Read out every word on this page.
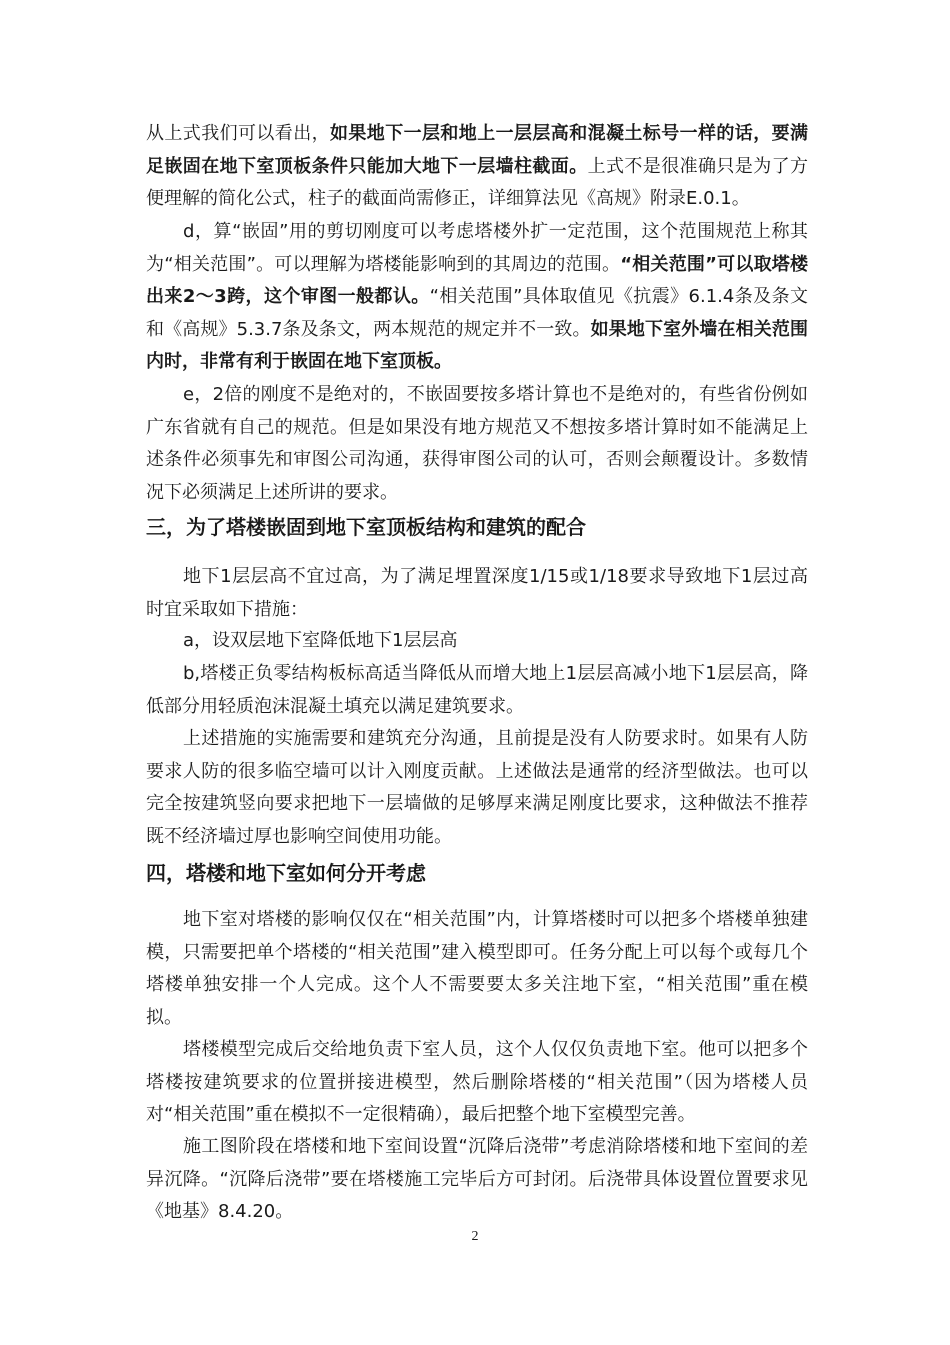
从上式我们可以看出，如果地下一层和地上一层层高和混凝土标号一样的话，要满足嵌固在地下室顶板条件只能加大地下一层墙柱截面。上式不是很准确只是为了方便理解的简化公式，柱子的截面尚需修正，详细算法见《高规》附录E.0.1。

d，算“嵌固”用的剪切刚度可以考虑塔楼外扩一定范围，这个范围规范上称其为“相关范围”。可以理解为塔楼能影响到的其周边的范围。“相关范围”可以取塔楼出来2～3跨，这个审图一般都认。“相关范围”具体取值见《抗震》6.1.4条及条文和《高规》5.3.7条及条文，两本规范的规定并不一致。如果地下室外墙在相关范围内时，非常有利于嵌固在地下室顶板。

e，2倍的刚度不是绝对的，不嵌固要按多塔计算也不是绝对的，有些省份例如广东省就有自己的规范。但是如果没有地方规范又不想按多塔计算时如不能满足上述条件必须事先和审图公司沟通，获得审图公司的认可，否则会颠覆设计。多数情况下必须满足上述所讲的要求。

三，为了塔楼嵌固到地下室顶板结构和建筑的配合

地下1层层高不宜过高，为了满足埋置深度1/15或1/18要求导致地下1层过高时宜采取如下措施：

a，设双层地下室降低地下1层层高

b,塔楼正负零结构板标高适当降低从而增大地上1层层高减小地下1层层高，降低部分用轻质泡沫混凝土填充以满足建筑要求。

上述措施的实施需要和建筑充分沟通，且前提是没有人防要求时。如果有人防要求人防的很多临空墙可以计入刚度贡献。上述做法是通常的经济型做法。也可以完全按建筑竖向要求把地下一层墙做的足够厚来满足刚度比要求，这种做法不推荐既不经济墙过厚也影响空间使用功能。

四，塔楼和地下室如何分开考虑

地下室对塔楼的影响仅仅在“相关范围”内，计算塔楼时可以把多个塔楼单独建模，只需要把单个塔楼的“相关范围”建入模型即可。任务分配上可以每个或每几个塔楼单独安排一个人完成。这个人不需要要太多关注地下室，“相关范围”重在模拟。

塔楼模型完成后交给地负责下室人员，这个人仅仅负责地下室。他可以把多个塔楼按建筑要求的位置拼接进模型，然后删除塔楼的“相关范围”（因为塔楼人员对“相关范围”重在模拟不一定很精确），最后把整个地下室模型完善。

施工图阶段在塔楼和地下室间设置“沉降后浇带”考虑消除塔楼和地下室间的差异沉降。“沉降后浇带”要在塔楼施工完毕后方可封闭。后浇带具体设置位置要求见《地基》8.4.20。

2
